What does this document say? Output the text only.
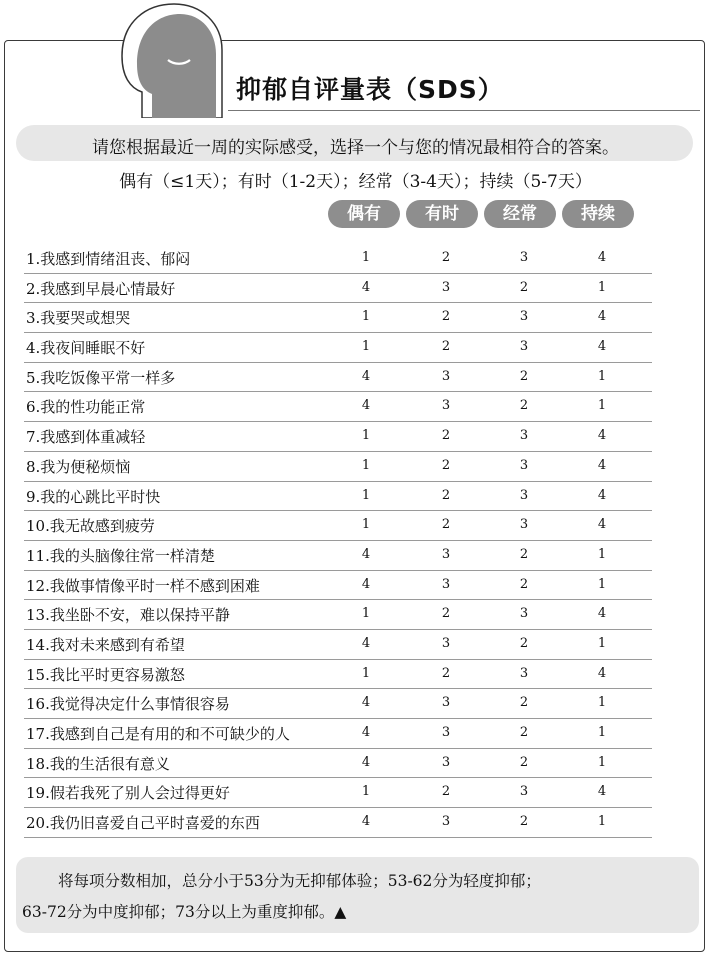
抑郁自评量表（SDS）
请您根据最近一周的实际感受，选择一个与您的情况最相符合的答案。
偶有（≤1天）；有时（1-2天）；经常（3-4天）；持续（5-7天）
偶有	有时	经常	持续
1.我感到情绪沮丧、郁闷	1	2	3	4
2.我感到早晨心情最好	4	3	2	1
3.我要哭或想哭	1	2	3	4
4.我夜间睡眠不好	1	2	3	4
5.我吃饭像平常一样多	4	3	2	1
6.我的性功能正常	4	3	2	1
7.我感到体重减轻	1	2	3	4
8.我为便秘烦恼	1	2	3	4
9.我的心跳比平时快	1	2	3	4
10.我无故感到疲劳	1	2	3	4
11.我的头脑像往常一样清楚	4	3	2	1
12.我做事情像平时一样不感到困难	4	3	2	1
13.我坐卧不安，难以保持平静	1	2	3	4
14.我对未来感到有希望	4	3	2	1
15.我比平时更容易激怒	1	2	3	4
16.我觉得决定什么事情很容易	4	3	2	1
17.我感到自己是有用的和不可缺少的人	4	3	2	1
18.我的生活很有意义	4	3	2	1
19.假若我死了别人会过得更好	1	2	3	4
20.我仍旧喜爱自己平时喜爱的东西	4	3	2	1
将每项分数相加，总分小于53分为无抑郁体验；53-62分为轻度抑郁；
63-72分为中度抑郁；73分以上为重度抑郁。▲
